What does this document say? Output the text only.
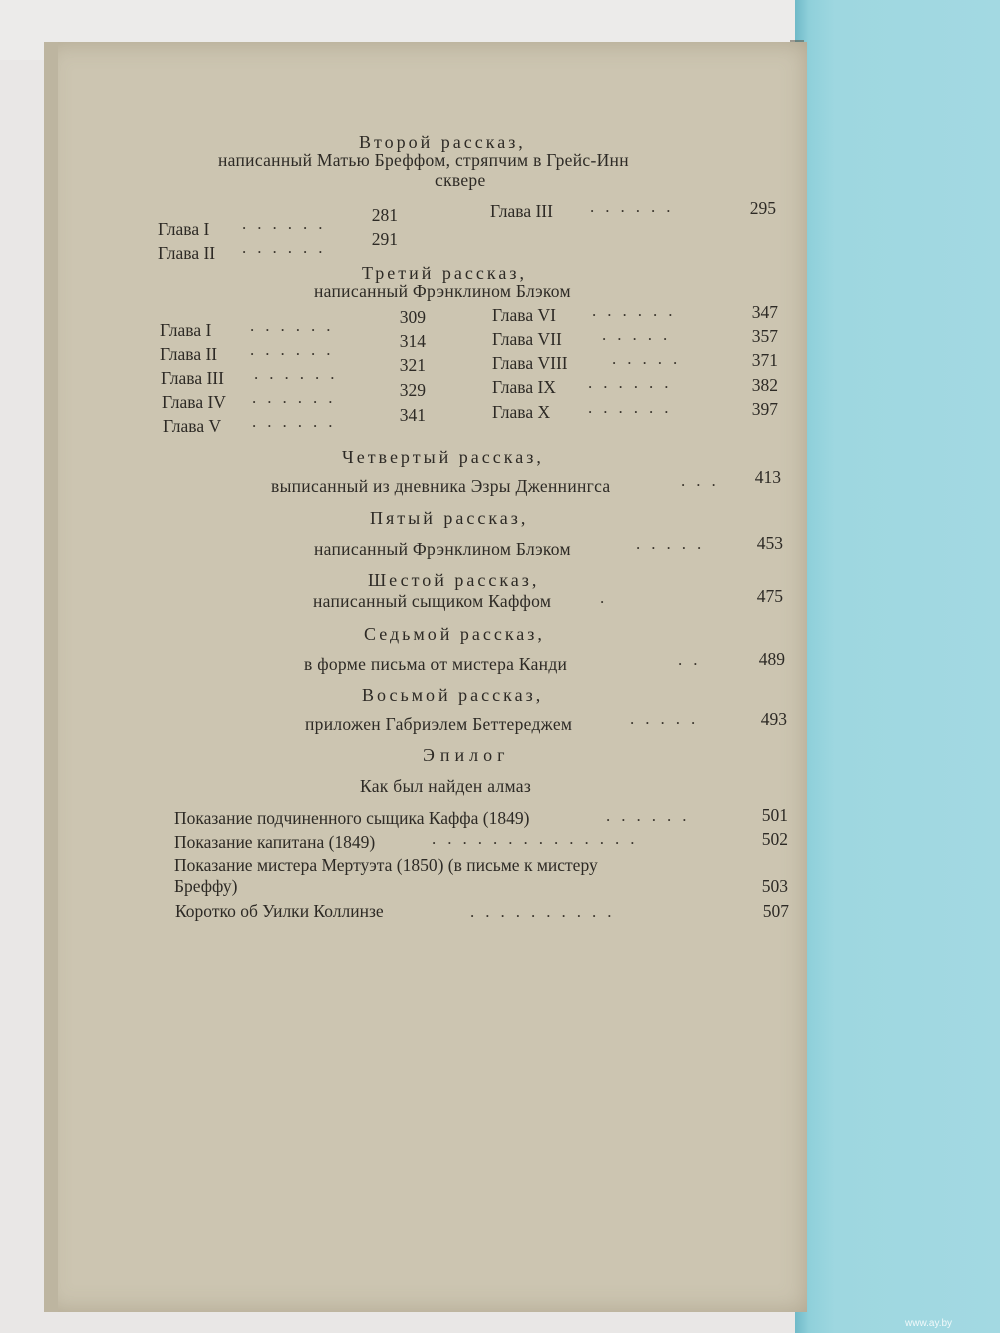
Второй рассказ,
написанный Матью Бреффом, стряпчим в Грейс-Инн
сквере
Глава I ......	281
Глава II ......	291
Глава III ......	295
Третий рассказ,
написанный Фрэнклином Блэком
Глава I ......	309
Глава II ......	314
Глава III ......	321
Глава IV ......	329
Глава V ......	341
Глава VI ......	347
Глава VII .....	357
Глава VIII	.....	371
Глава IX ......	382
Глава X ......	397
Четвертый рассказ,
выписанный из дневника Эзры Дженнингса	...	413
Пятый рассказ,
написанный Фрэнклином Блэком	.....	453
Шестой рассказ,
написанный сыщиком Каффом	.	475
Седьмой рассказ,
в форме письма от мистера Канди	..	489
Восьмой рассказ,
приложен Габриэлем Беттереджем	.....	493
Эпилог
Как был найден алмаз
Показание подчиненного сыщика Каффа (1849)	......	501
Показание капитана (1849)	..............	502
Показание мистера Мертуэта (1850) (в письме к мистеру
Бреффу)	503
Коротко об Уилки Коллинзе	..........	507
www.ay.by
